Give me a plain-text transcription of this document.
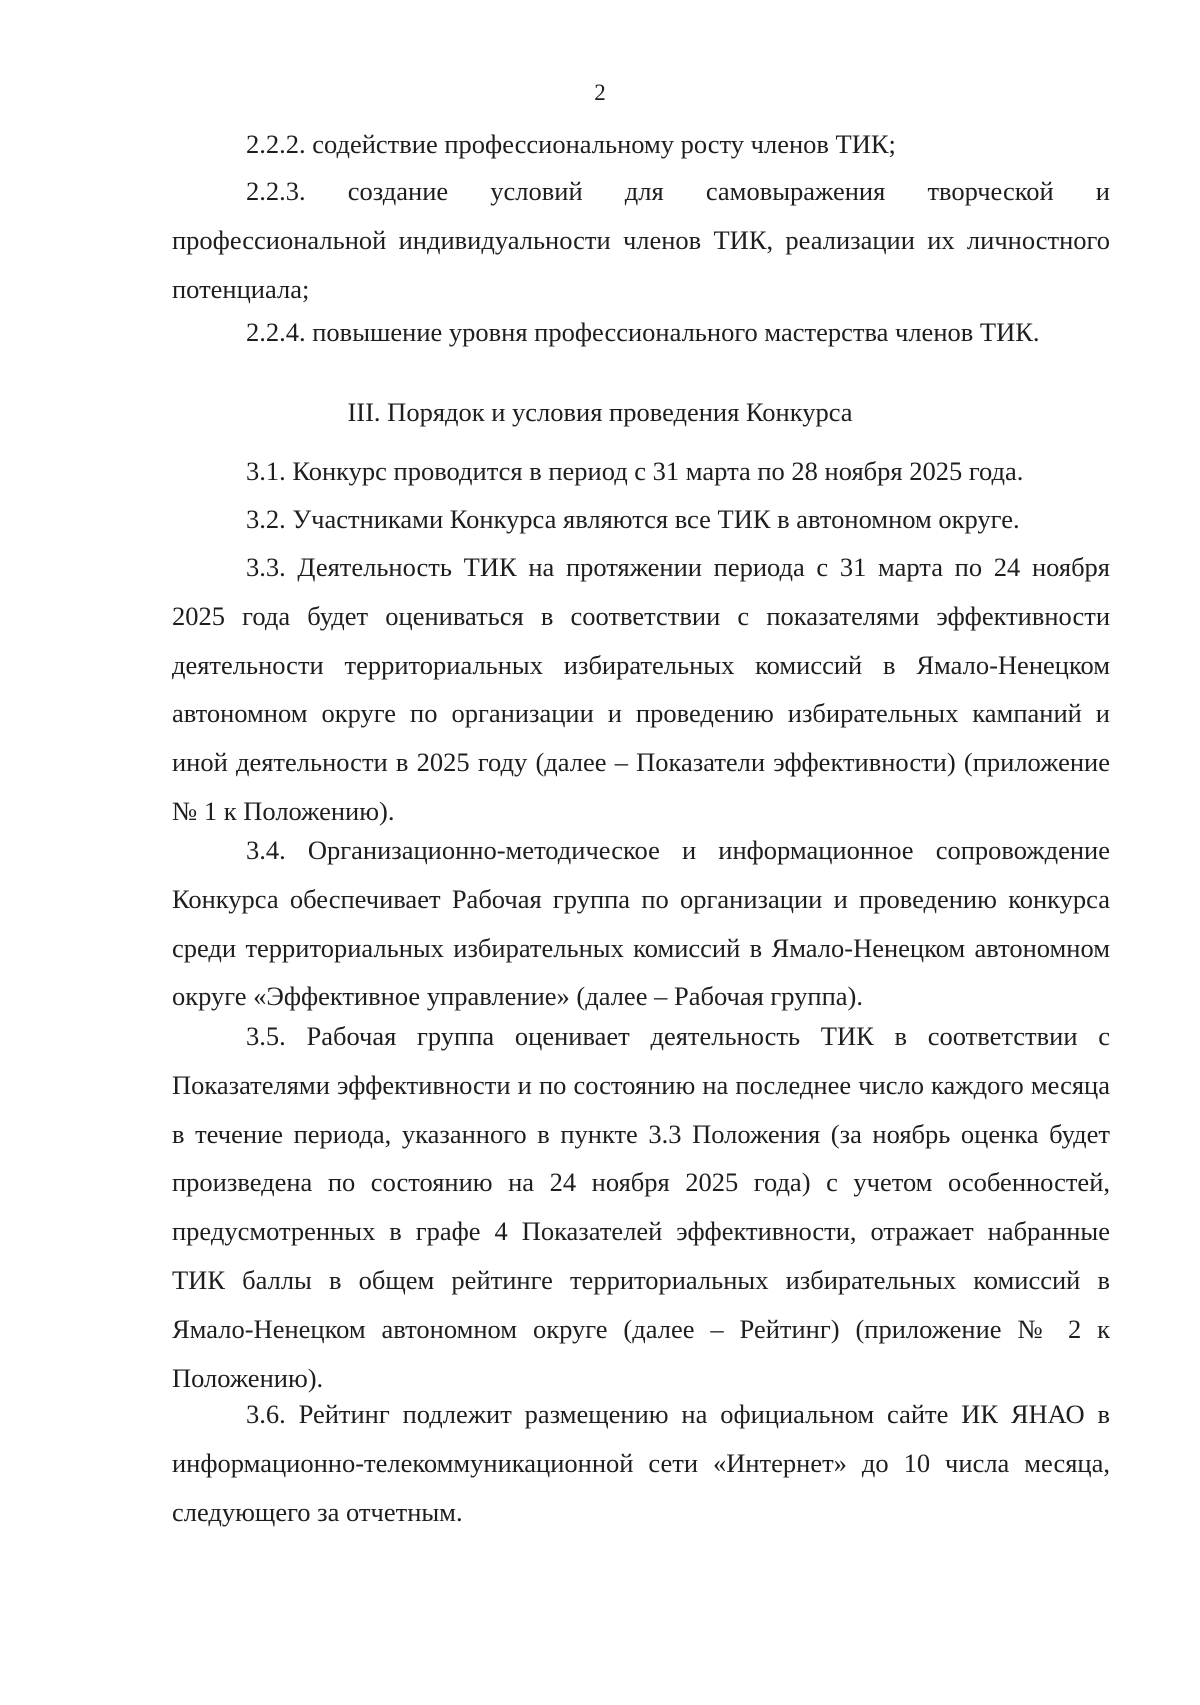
2

2.2.2. содействие профессиональному росту членов ТИК;

2.2.3. создание условий для самовыражения творческой и профессиональной индивидуальности членов ТИК, реализации их личностного потенциала;

2.2.4. повышение уровня профессионального мастерства членов ТИК.

III. Порядок и условия проведения Конкурса

3.1. Конкурс проводится в период с 31 марта по 28 ноября 2025 года.

3.2. Участниками Конкурса являются все ТИК в автономном округе.

3.3. Деятельность ТИК на протяжении периода с 31 марта по 24 ноября 2025 года будет оцениваться в соответствии с показателями эффективности деятельности территориальных избирательных комиссий в Ямало-Ненецком автономном округе по организации и проведению избирательных кампаний и иной деятельности в 2025 году (далее – Показатели эффективности) (приложение № 1 к Положению).

3.4. Организационно-методическое и информационное сопровождение Конкурса обеспечивает Рабочая группа по организации и проведению конкурса среди территориальных избирательных комиссий в Ямало-Ненецком автономном округе «Эффективное управление» (далее – Рабочая группа).

3.5. Рабочая группа оценивает деятельность ТИК в соответствии с Показателями эффективности и по состоянию на последнее число каждого месяца в течение периода, указанного в пункте 3.3 Положения (за ноябрь оценка будет произведена по состоянию на 24 ноября 2025 года) с учетом особенностей, предусмотренных в графе 4 Показателей эффективности, отражает набранные ТИК баллы в общем рейтинге территориальных избирательных комиссий в Ямало-Ненецком автономном округе (далее – Рейтинг) (приложение № 2 к Положению).

3.6. Рейтинг подлежит размещению на официальном сайте ИК ЯНАО в информационно-телекоммуникационной сети «Интернет» до 10 числа месяца, следующего за отчетным.
